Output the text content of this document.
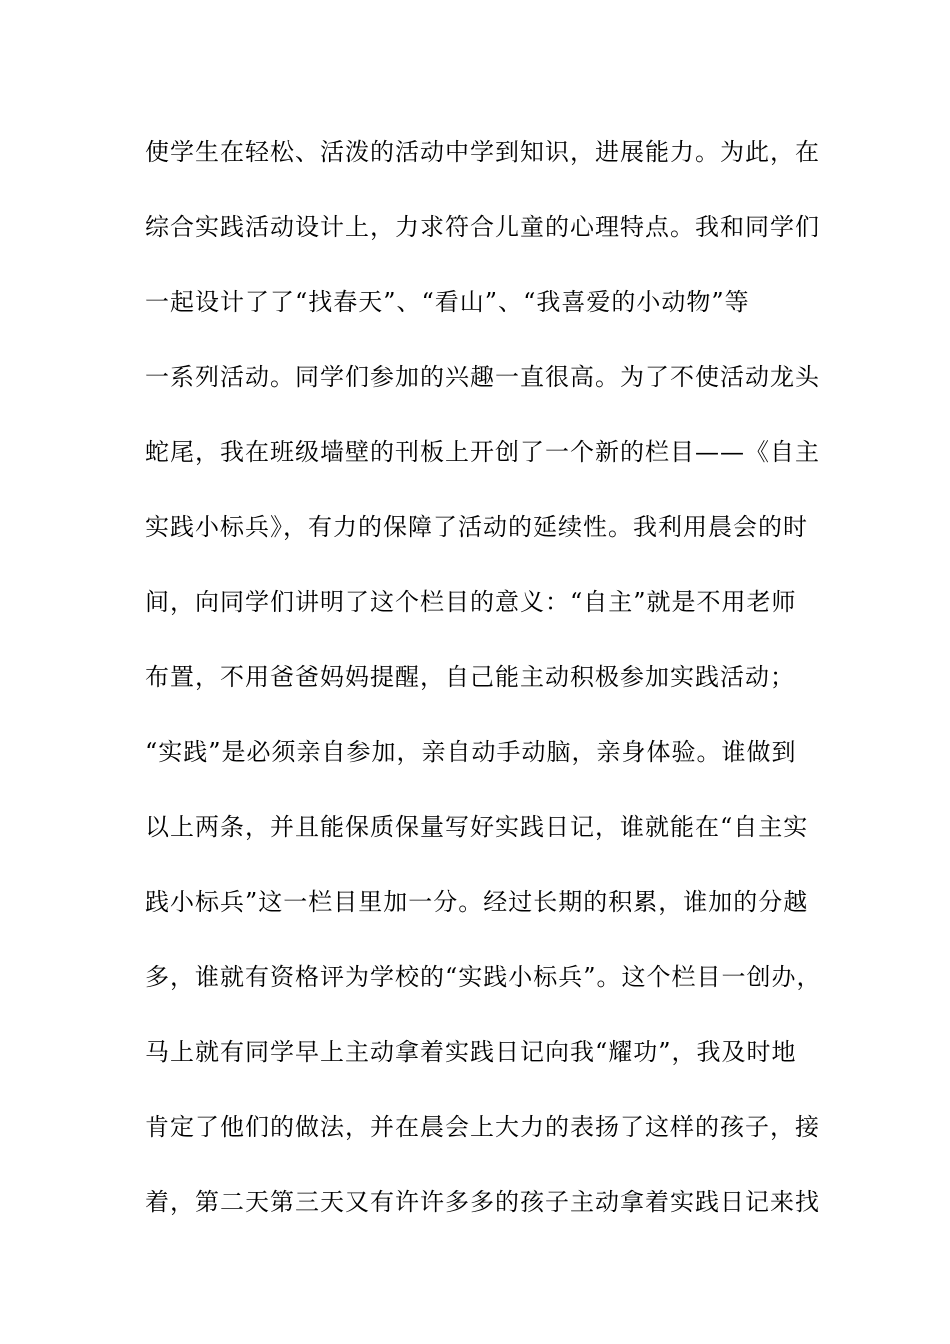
使学生在轻松、活泼的活动中学到知识，进展能力。为此，在
综合实践活动设计上，力求符合儿童的心理特点。我和同学们
一起设计了了“找春天”、“看山”、“我喜爱的小动物”等
一系列活动。同学们参加的兴趣一直很高。为了不使活动龙头
蛇尾，我在班级墙壁的刊板上开创了一个新的栏目——《自主
实践小标兵》，有力的保障了活动的延续性。我利用晨会的时
间，向同学们讲明了这个栏目的意义：“自主”就是不用老师
布置，不用爸爸妈妈提醒，自己能主动积极参加实践活动；
“实践”是必须亲自参加，亲自动手动脑，亲身体验。谁做到
以上两条，并且能保质保量写好实践日记，谁就能在“自主实
践小标兵”这一栏目里加一分。经过长期的积累，谁加的分越
多，谁就有资格评为学校的“实践小标兵”。这个栏目一创办，
马上就有同学早上主动拿着实践日记向我“耀功”，我及时地
肯定了他们的做法，并在晨会上大力的表扬了这样的孩子，接
着，第二天第三天又有许许多多的孩子主动拿着实践日记来找
